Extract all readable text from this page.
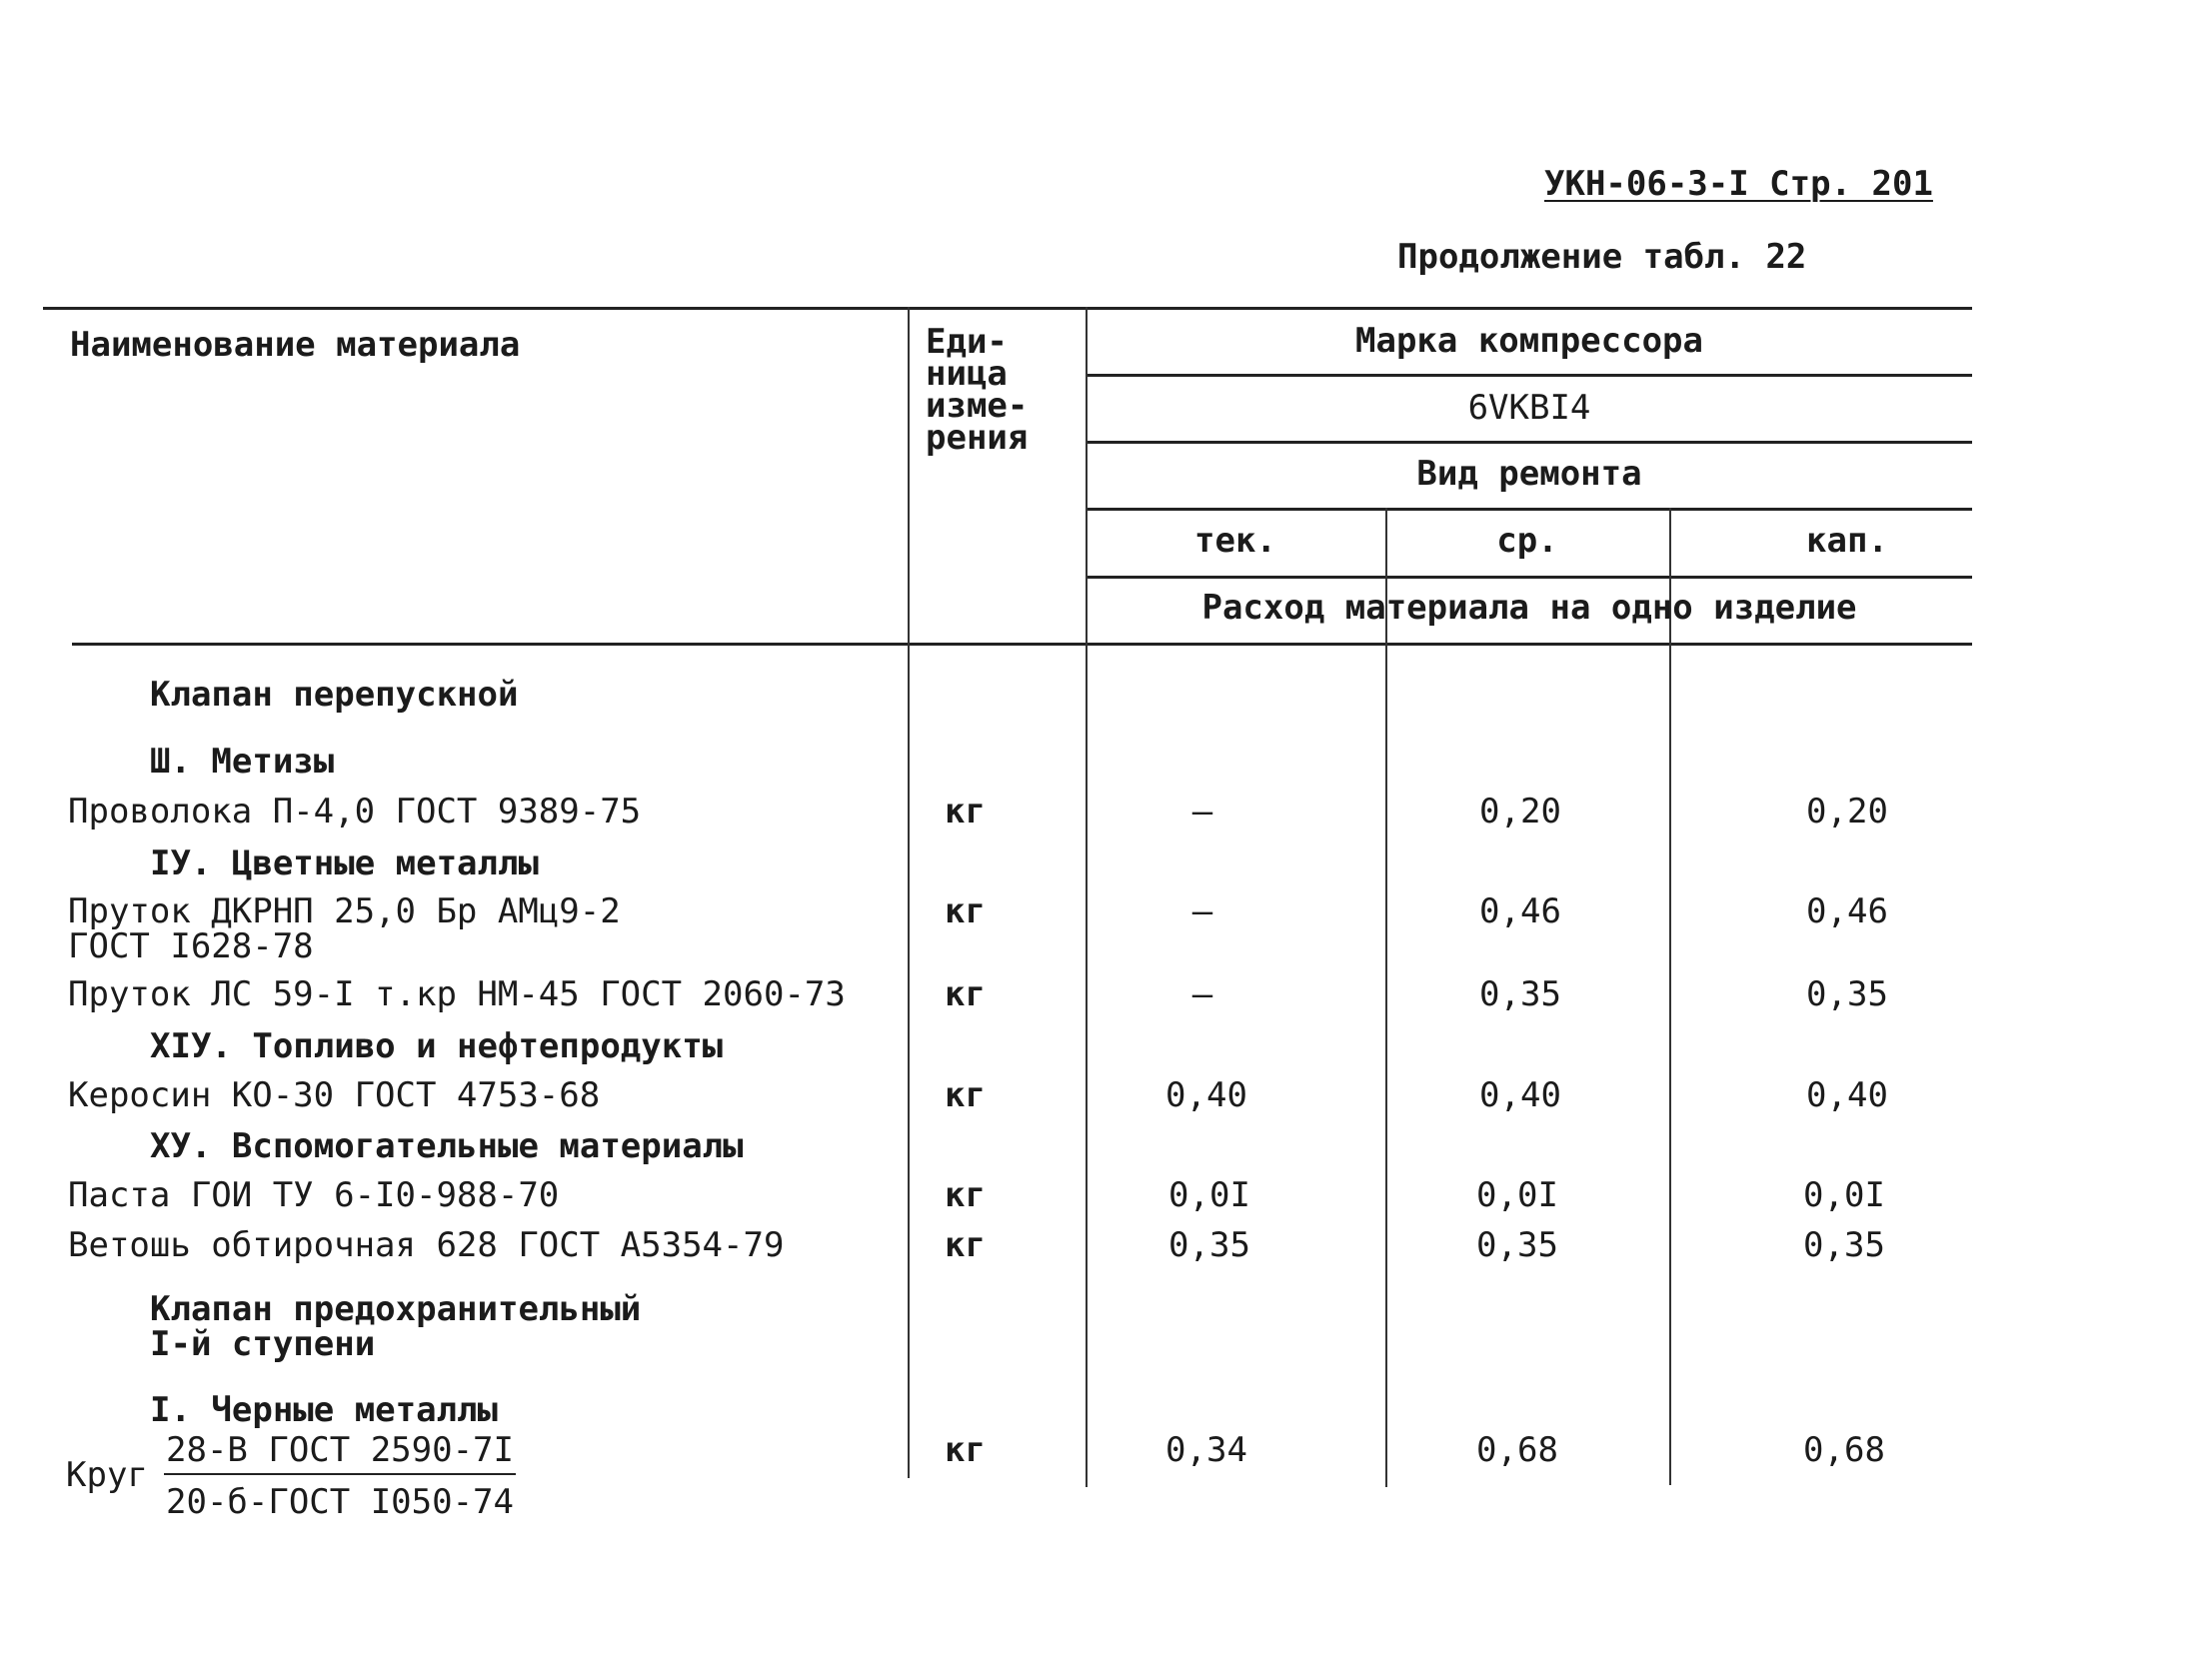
УКН-06-3-I Стр. 201
Продолжение табл. 22
Наименование материала	Еди-
ница
изме-
рения
Марка компрессора
6VKBI4
Вид ремонта
тек.	ср.	кап.
Расход материала на одно изделие
Клапан перепускной
Ш. Метизы
Проволока П-4,0 ГОСТ 9389-75	кг	–	0,20	0,20
IУ. Цветные металлы
Пруток ДКРНП 25,0 Бр АМц9-2
ГОСТ I628-78
кг	–	0,46	0,46
Пруток ЛС 59-I т.кр НМ-45 ГОСТ 2060-73	кг	–	0,35	0,35
XIУ. Топливо и нефтепродукты
Керосин КО-30 ГОСТ 4753-68	кг	0,40	0,40	0,40
XУ. Вспомогательные материалы
Паста ГОИ ТУ 6-I0-988-70	кг	0,0I	0,0I	0,0I
Ветошь обтирочная 628 ГОСТ А5354-79	кг	0,35	0,35	0,35
Клапан предохранительный
I-й ступени
I. Черные металлы
Круг
28-В ГОСТ 2590-7I
20-б-ГОСТ I050-74
кг	0,34	0,68	0,68
